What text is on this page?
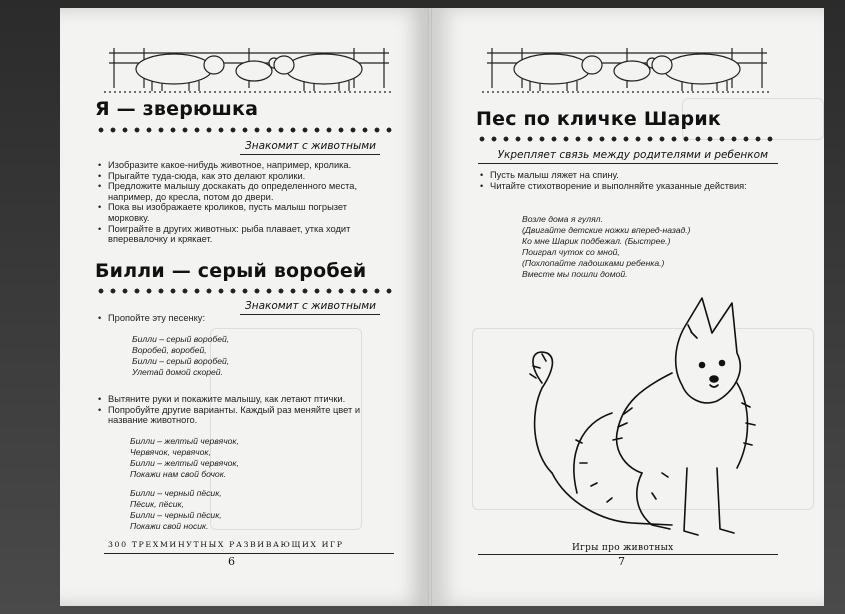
Я — зверюшка
Знакомит с животными
• Изобразите какое-нибудь животное, например, кролика.
• Прыгайте туда-сюда, как это делают кролики.
• Предложите малышу доскакать до определенного места, например, до кресла, потом до двери.
• Пока вы изображаете кроликов, пусть малыш погрызет морковку.
• Поиграйте в других животных: рыба плавает, утка ходит вперевалочку и крякает.
Билли — серый воробей
Знакомит с животными
• Пропойте эту песенку:
Билли – серый воробей,
Воробей, воробей,
Билли – серый воробей,
Улетай домой скорей.
• Вытяните руки и покажите малышу, как летают птички.
• Попробуйте другие варианты. Каждый раз меняйте цвет и название животного.
Билли – желтый червячок,
Червячок, червячок,
Билли – желтый червячок,
Покажи нам свой бочок.
Билли – черный пёсик,
Пёсик, пёсик,
Билли – черный пёсик,
Покажи свой носик.
300 ТРЕХМИНУТНЫХ РАЗВИВАЮЩИХ ИГР
6
Пес по кличке Шарик
Укрепляет связь между родителями и ребенком
• Пусть малыш ляжет на спину.
• Читайте стихотворение и выполняйте указанные действия:
Возле дома я гулял.
(Двигайте детские ножки вперед-назад.)
Ко мне Шарик подбежал. (Быстрее.)
Поиграл чуток со мной,
(Похлопайте ладошками ребенка.)
Вместе мы пошли домой.
Игры про животных
7
